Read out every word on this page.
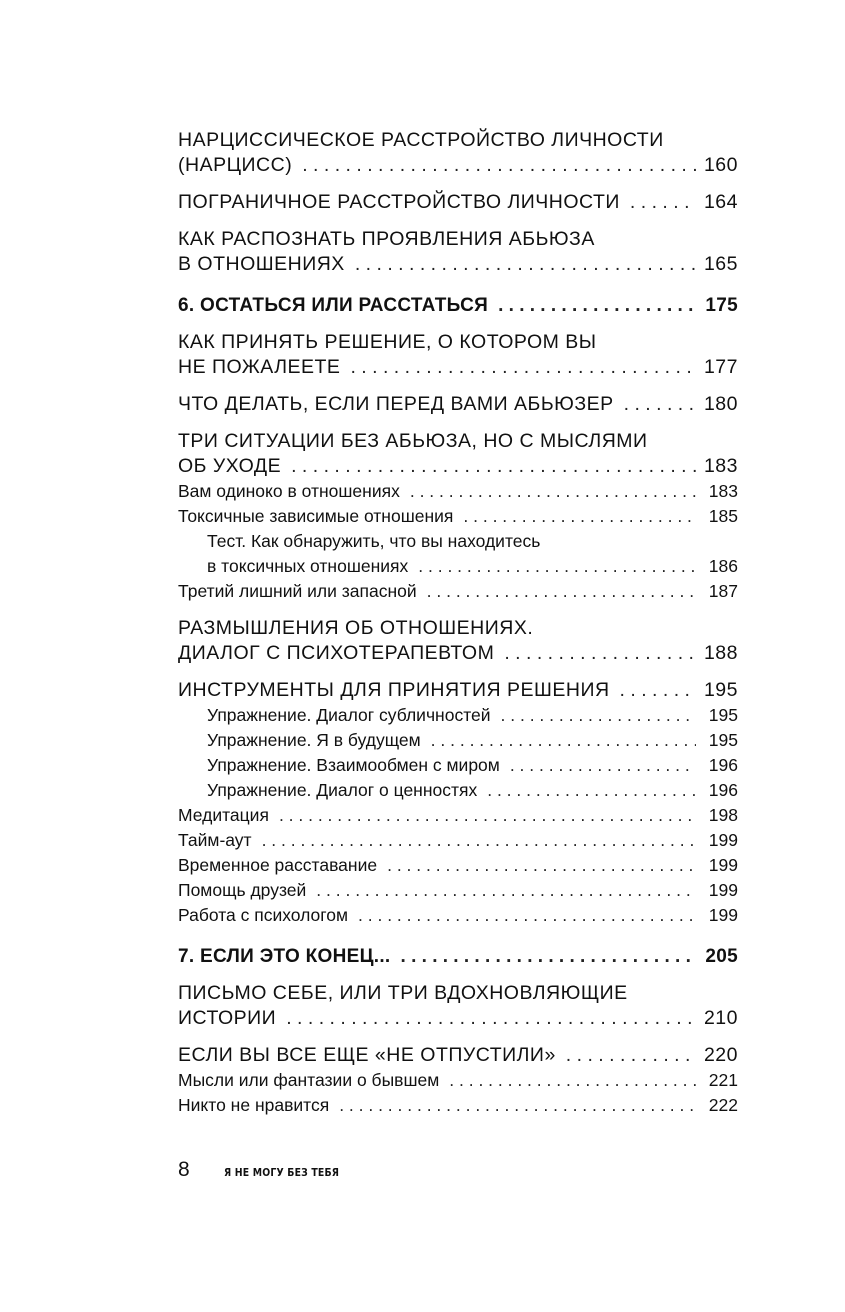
НАРЦИССИЧЕСКОЕ РАССТРОЙСТВО ЛИЧНОСТИ
(НАРЦИСС) . . .	160
ПОГРАНИЧНОЕ РАССТРОЙСТВО ЛИЧНОСТИ . . .	164
КАК РАСПОЗНАТЬ ПРОЯВЛЕНИЯ АБЬЮЗА
В ОТНОШЕНИЯХ . . .	165
6. ОСТАТЬСЯ ИЛИ РАССТАТЬСЯ . . .	175
КАК ПРИНЯТЬ РЕШЕНИЕ, О КОТОРОМ ВЫ
НЕ ПОЖАЛЕЕТЕ . . .	177
ЧТО ДЕЛАТЬ, ЕСЛИ ПЕРЕД ВАМИ АБЬЮЗЕР . . .	180
ТРИ СИТУАЦИИ БЕЗ АБЬЮЗА, НО С МЫСЛЯМИ
ОБ УХОДЕ . . .	183
Вам одиноко в отношениях . . .	183
Токсичные зависимые отношения . . .	185
Тест. Как обнаружить, что вы находитесь
в токсичных отношениях . . .	186
Третий лишний или запасной . . .	187
РАЗМЫШЛЕНИЯ ОБ ОТНОШЕНИЯХ.
ДИАЛОГ С ПСИХОТЕРАПЕВТОМ . . .	188
ИНСТРУМЕНТЫ ДЛЯ ПРИНЯТИЯ РЕШЕНИЯ . . .	195
Упражнение. Диалог субличностей . . .	195
Упражнение. Я в будущем . . .	195
Упражнение. Взаимообмен с миром . . .	196
Упражнение. Диалог о ценностях . . .	196
Медитация . . .	198
Тайм-аут . . .	199
Временное расставание . . .	199
Помощь друзей . . .	199
Работа с психологом . . .	199
7. ЕСЛИ ЭТО КОНЕЦ... . . .	205
ПИСЬМО СЕБЕ, ИЛИ ТРИ ВДОХНОВЛЯЮЩИЕ
ИСТОРИИ . . .	210
ЕСЛИ ВЫ ВСЕ ЕЩЕ «НЕ ОТПУСТИЛИ» . . .	220
Мысли или фантазии о бывшем . . .	221
Никто не нравится . . .	222
8	Я НЕ МОГУ БЕЗ ТЕБЯ
